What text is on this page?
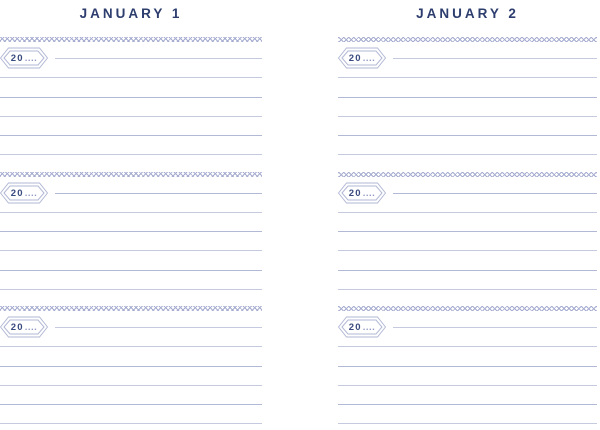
JANUARY 1
20 ....
20 ....
20 ....
JANUARY 2
20 ....
20 ....
20 ....
